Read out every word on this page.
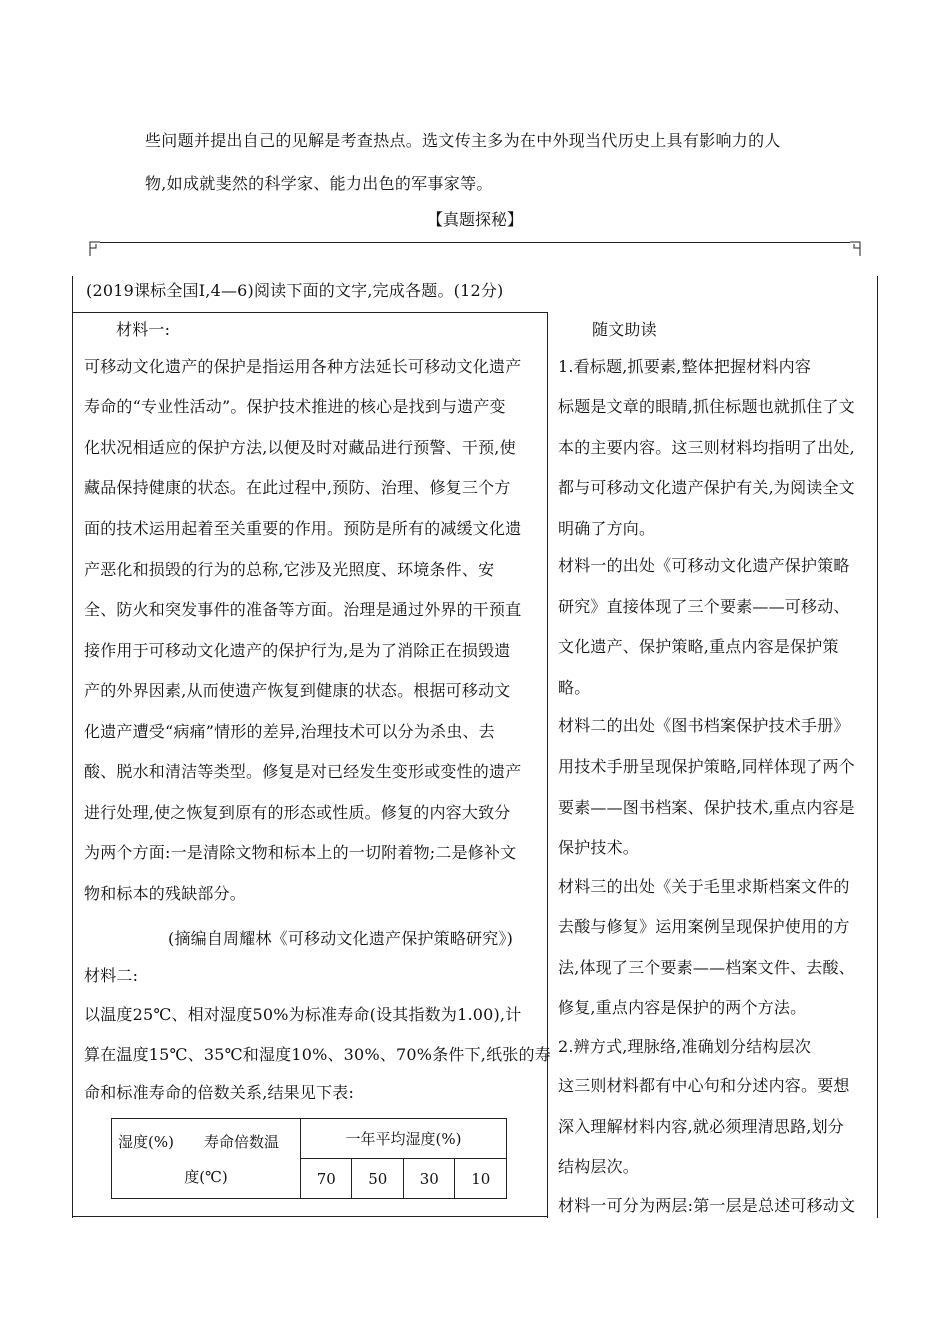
些问题并提出自己的见解是考查热点。选文传主多为在中外现当代历史上具有影响力的人
物,如成就斐然的科学家、能力出色的军事家等。
【真题探秘】
(2019课标全国Ⅰ,4—6)阅读下面的文字,完成各题。(12分)
材料一:
可移动文化遗产的保护是指运用各种方法延长可移动文化遗产
寿命的“专业性活动”。保护技术推进的核心是找到与遗产变
化状况相适应的保护方法,以便及时对藏品进行预警、干预,使
藏品保持健康的状态。在此过程中,预防、治理、修复三个方
面的技术运用起着至关重要的作用。预防是所有的减缓文化遗
产恶化和损毁的行为的总称,它涉及光照度、环境条件、安
全、防火和突发事件的准备等方面。治理是通过外界的干预直
接作用于可移动文化遗产的保护行为,是为了消除正在损毁遗
产的外界因素,从而使遗产恢复到健康的状态。根据可移动文
化遗产遭受“病痛”情形的差异,治理技术可以分为杀虫、去
酸、脱水和清洁等类型。修复是对已经发生变形或变性的遗产
进行处理,使之恢复到原有的形态或性质。修复的内容大致分
为两个方面:一是清除文物和标本上的一切附着物;二是修补文
物和标本的残缺部分。
(摘编自周耀林《可移动文化遗产保护策略研究》)
材料二:
以温度25℃、相对湿度50%为标准寿命(设其指数为1.00),计
算在温度15℃、35℃和湿度10%、30%、70%条件下,纸张的寿
命和标准寿命的倍数关系,结果见下表:
湿度(%)　　寿命倍数温
度(℃)	一年平均湿度(%)			
	70	50	30	10
随文助读
1.看标题,抓要素,整体把握材料内容
标题是文章的眼睛,抓住标题也就抓住了文
本的主要内容。这三则材料均指明了出处,
都与可移动文化遗产保护有关,为阅读全文
明确了方向。
材料一的出处《可移动文化遗产保护策略
研究》直接体现了三个要素——可移动、
文化遗产、保护策略,重点内容是保护策
略。
材料二的出处《图书档案保护技术手册》
用技术手册呈现保护策略,同样体现了两个
要素——图书档案、保护技术,重点内容是
保护技术。
材料三的出处《关于毛里求斯档案文件的
去酸与修复》运用案例呈现保护使用的方
法,体现了三个要素——档案文件、去酸、
修复,重点内容是保护的两个方法。
2.辨方式,理脉络,准确划分结构层次
这三则材料都有中心句和分述内容。要想
深入理解材料内容,就必须理清思路,划分
结构层次。
材料一可分为两层:第一层是总述可移动文
